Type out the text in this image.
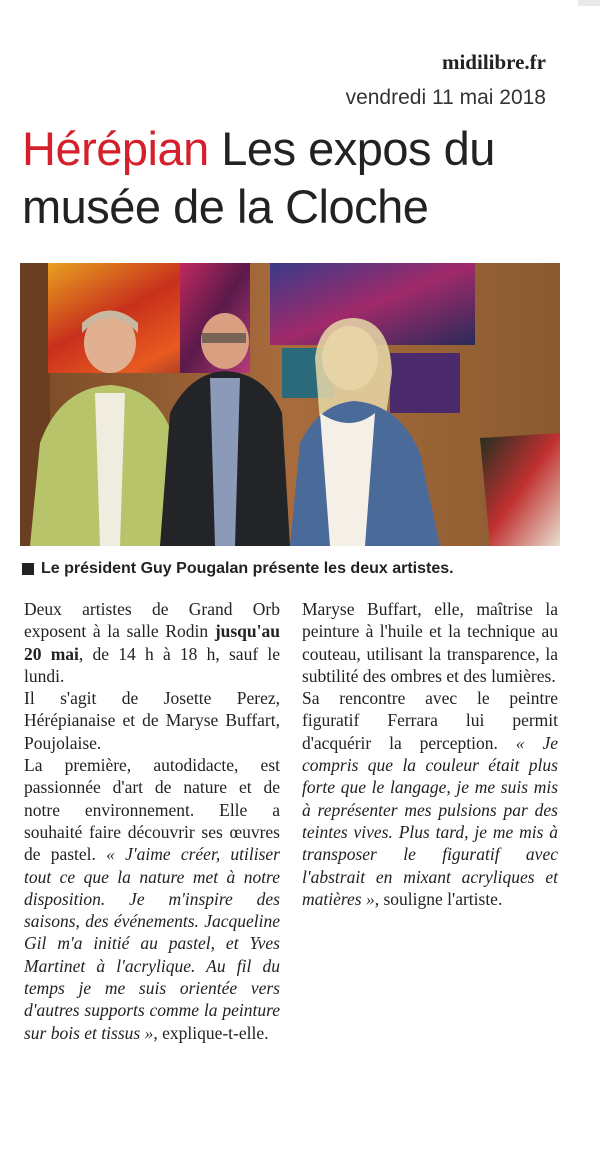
midilibre.fr
vendredi 11 mai 2018
Hérépian Les expos du musée de la Cloche
Le président Guy Pougalan présente les deux artistes.

Deux artistes de Grand Orb exposent à la salle Rodin jusqu'au 20 mai, de 14 h à 18 h, sauf le lundi.

Il s'agit de Josette Perez, Hérépianaise et de Maryse Buffart, Poujolaise.

La première, autodidacte, est passionnée d'art de nature et de notre environnement. Elle a souhaité faire découvrir ses œuvres de pastel. « J'aime créer, utiliser tout ce que la nature met à notre disposition. Je m'inspire des saisons, des événements. Jacqueline Gil m'a initié au pastel, et Yves Martinet à l'acrylique. Au fil du temps je me suis orientée vers d'autres supports comme la peinture sur bois et tissus », explique-t-elle.

Maryse Buffart, elle, maîtrise la peinture à l'huile et la technique au couteau, utilisant la transparence, la subtilité des ombres et des lumières.

Sa rencontre avec le peintre figuratif Ferrara lui permit d'acquérir la perception. « Je compris que la couleur était plus forte que le langage, je me suis mis à représenter mes pulsions par des teintes vives. Plus tard, je me mis à transposer le figuratif avec l'abstrait en mixant acryliques et matières », souligne l'artiste.
